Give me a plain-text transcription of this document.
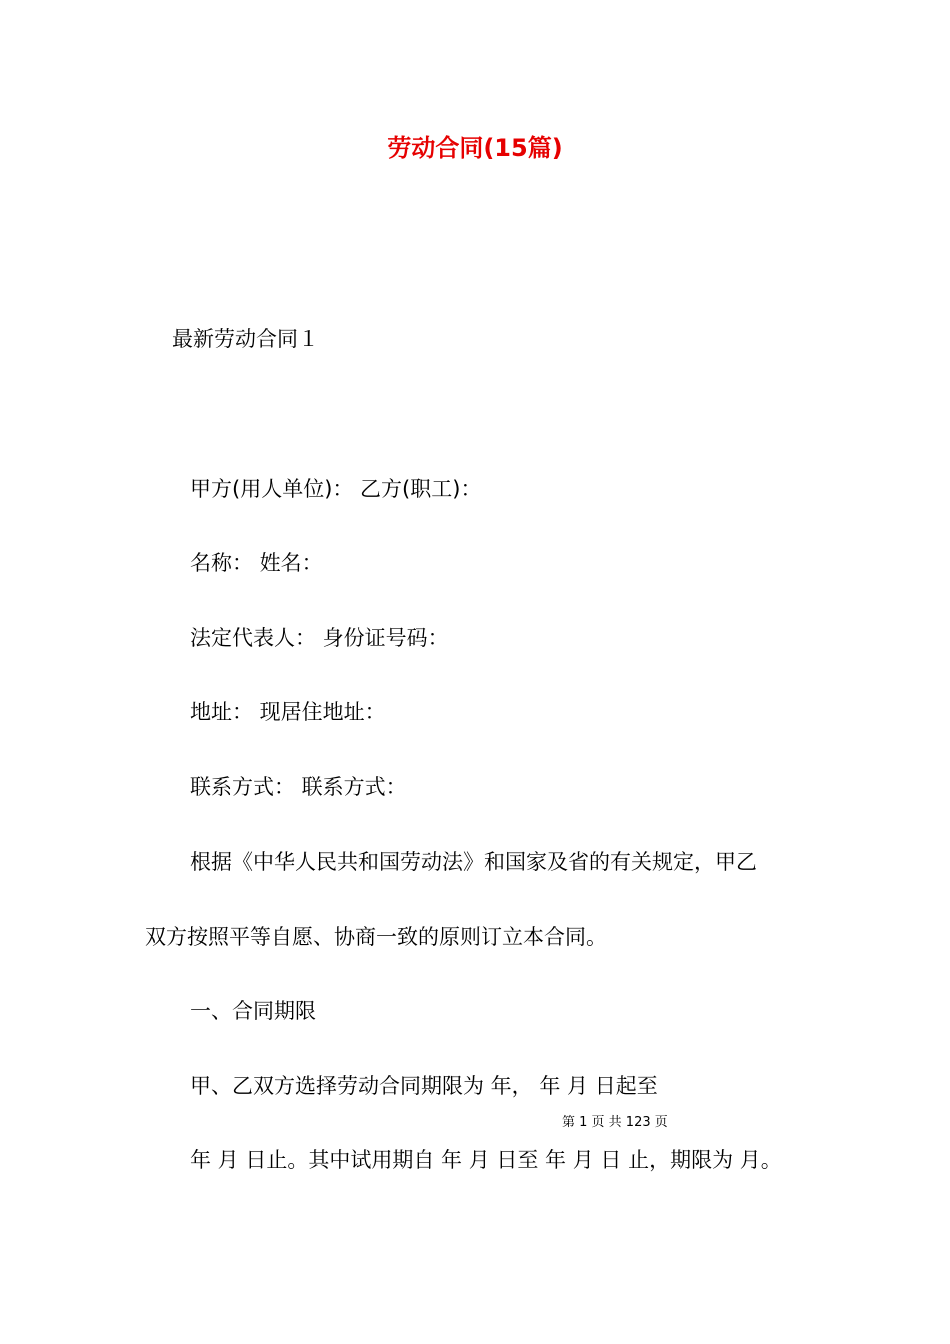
劳动合同(15篇)
最新劳动合同１
甲方(用人单位)： 乙方(职工)：
名称： 姓名：
法定代表人： 身份证号码：
地址： 现居住地址：
联系方式： 联系方式：
根据《中华人民共和国劳动法》和国家及省的有关规定，甲乙
双方按照平等自愿、协商一致的原则订立本合同。
一、合同期限
甲、乙双方选择劳动合同期限为 年， 年 月 日起至
第 1 页 共 123 页
年 月 日止。其中试用期自 年 月 日至 年 月 日 止，期限为 月。
